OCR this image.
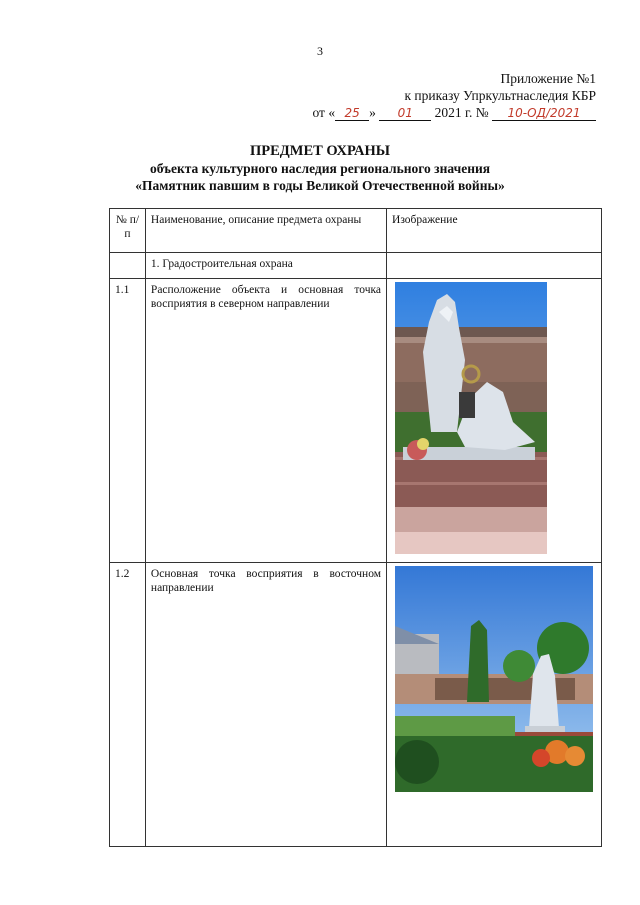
3
Приложение №1
к приказу Упркультнаследия КБР
от « 25 » 01 2021 г. № 10-ОД/2021
ПРЕДМЕТ ОХРАНЫ
объекта культурного наследия регионального значения
«Памятник павшим в годы Великой Отечественной войны»
№ п/п	Наименование, описание предмета охраны	Изображение
	1. Градостроительная охрана	
1.1	Расположение объекта и основная точка восприятия в северном направлении	

1.2	Основная точка восприятия в восточном направлении	
